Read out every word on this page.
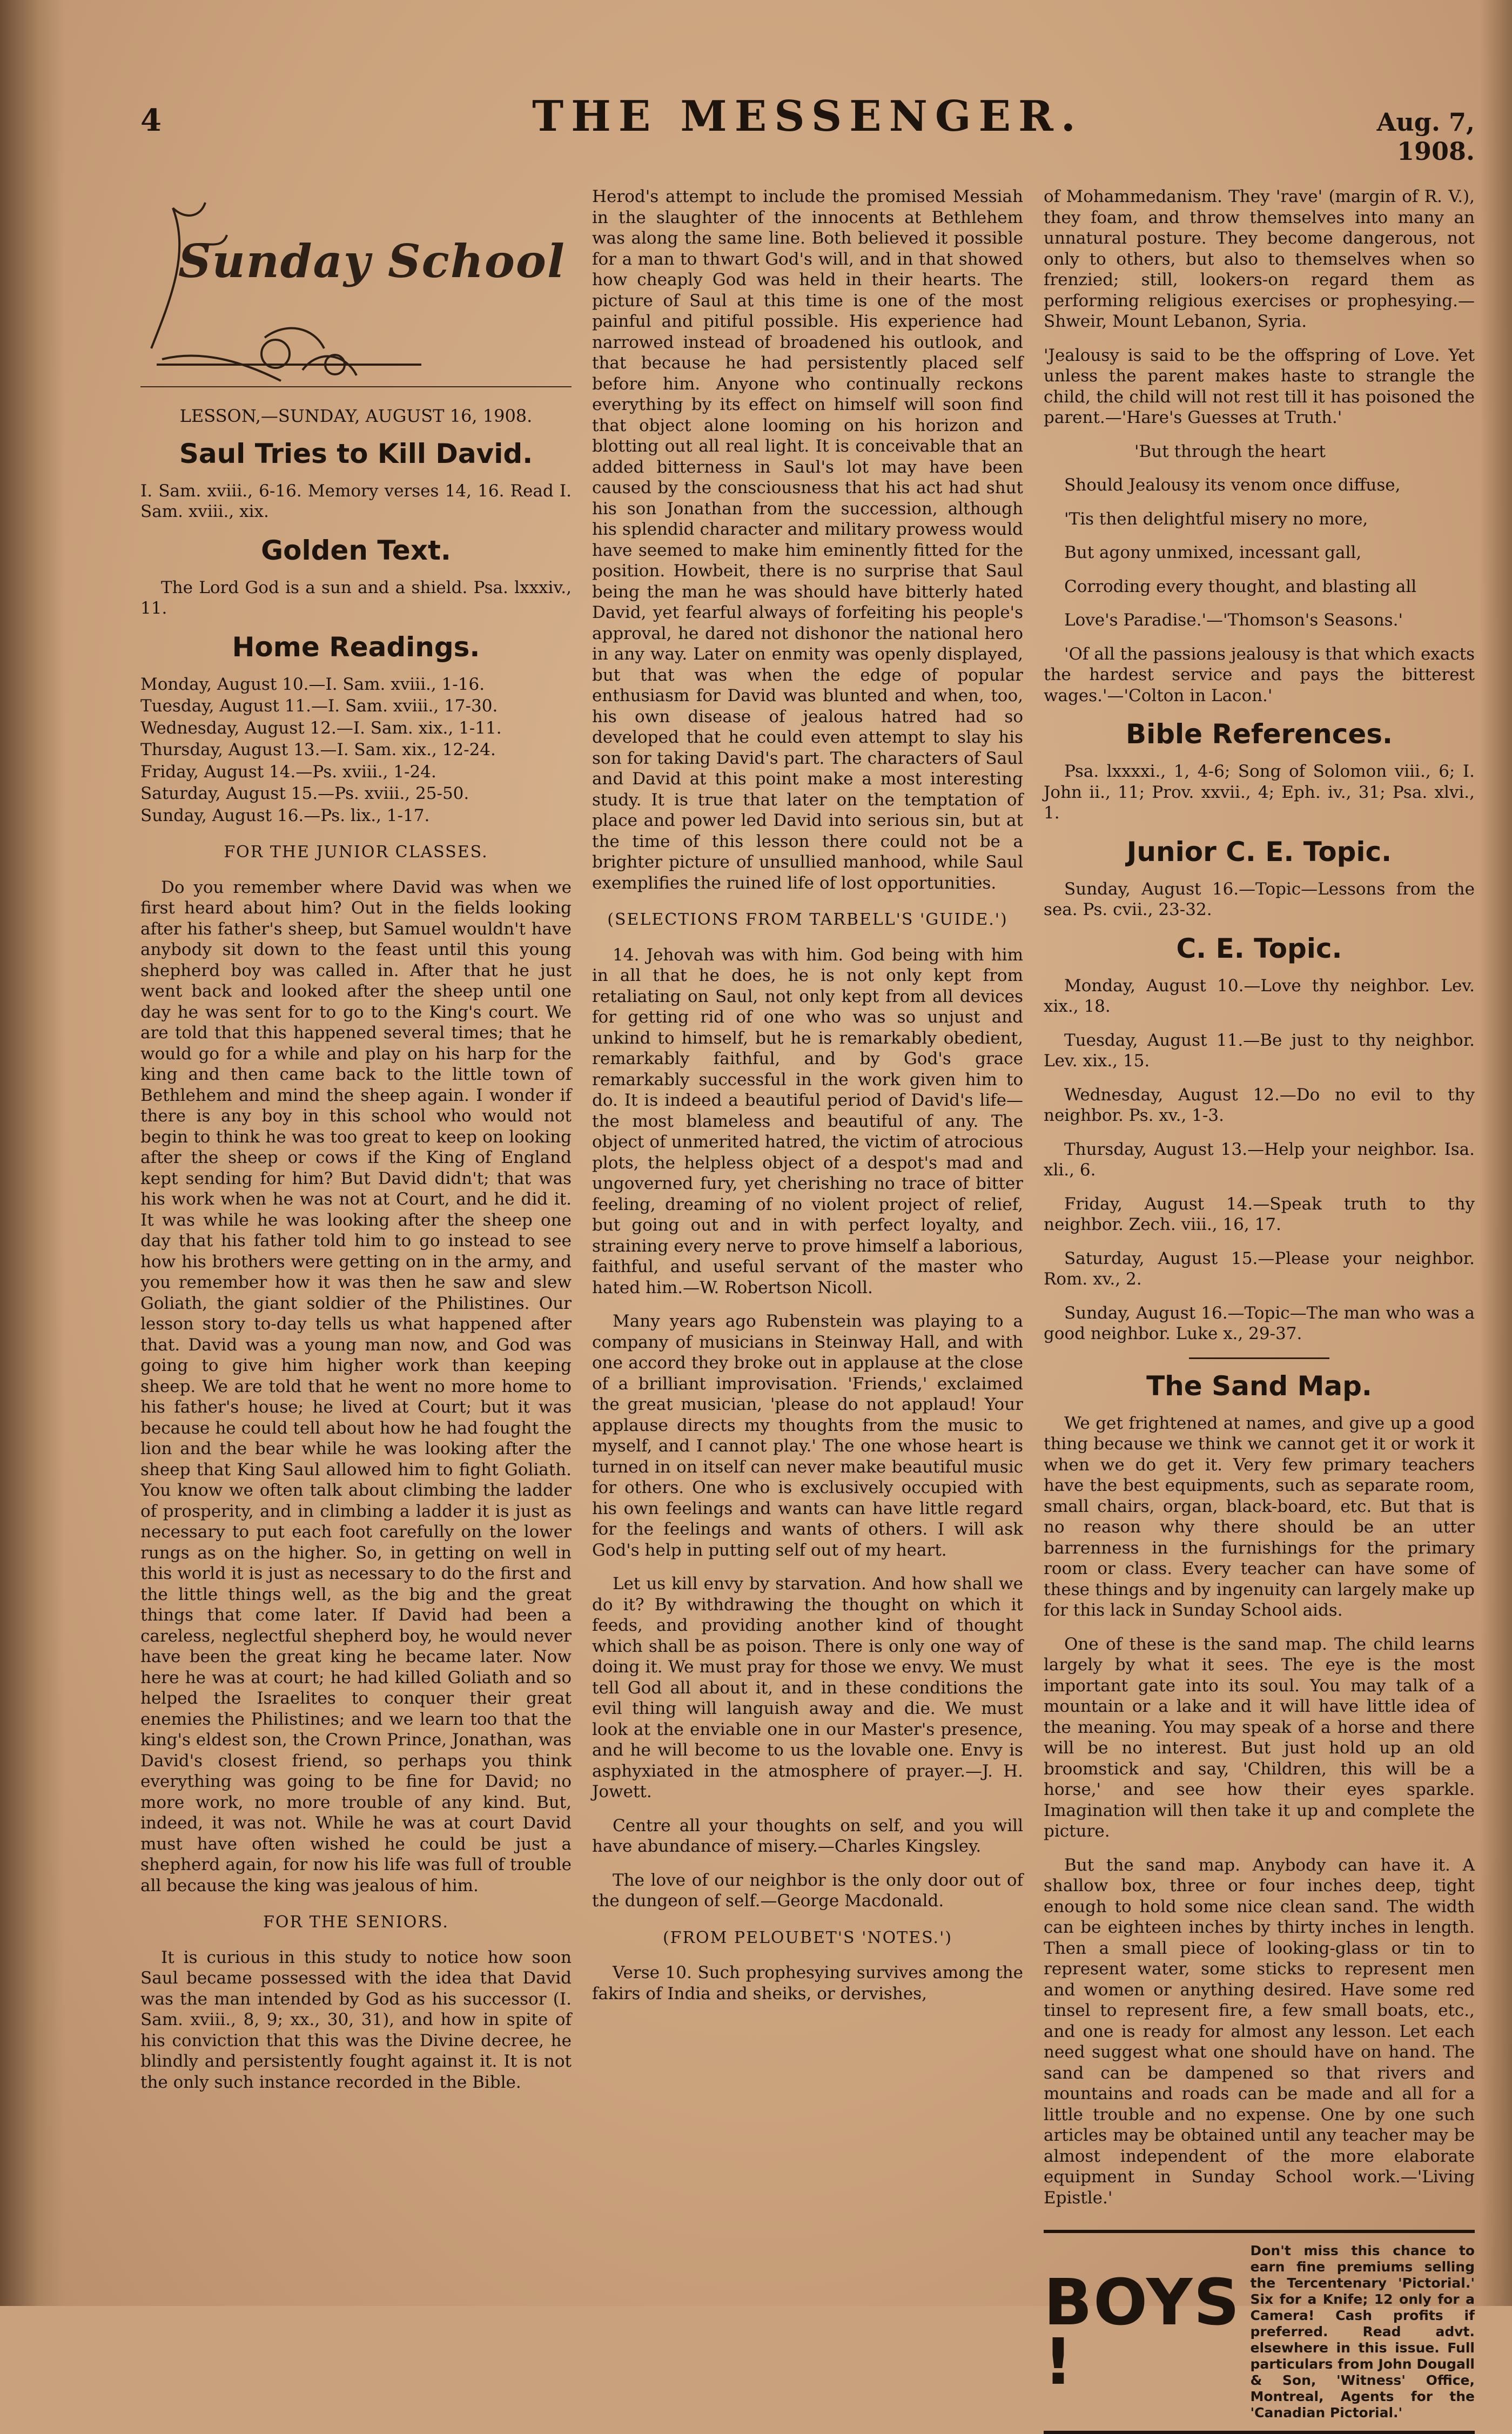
4	THE MESSENGER.	Aug. 7, 1908.
Sunday School
LESSON,—SUNDAY, AUGUST 16, 1908.
Saul Tries to Kill David.

I. Sam. xviii., 6-16. Memory verses 14, 16. Read I. Sam. xviii., xix.

Golden Text.

The Lord God is a sun and a shield. Psa. lxxxiv., 11.

Home Readings.

Monday, August 10.—I. Sam. xviii., 1-16.

Tuesday, August 11.—I. Sam. xviii., 17-30.

Wednesday, August 12.—I. Sam. xix., 1-11.

Thursday, August 13.—I. Sam. xix., 12-24.

Friday, August 14.—Ps. xviii., 1-24.

Saturday, August 15.—Ps. xviii., 25-50.

Sunday, August 16.—Ps. lix., 1-17.

FOR THE JUNIOR CLASSES.

Do you remember where David was when we first heard about him? Out in the fields looking after his father's sheep, but Samuel wouldn't have anybody sit down to the feast until this young shepherd boy was called in. After that he just went back and looked after the sheep until one day he was sent for to go to the King's court. We are told that this happened several times; that he would go for a while and play on his harp for the king and then came back to the little town of Bethlehem and mind the sheep again. I wonder if there is any boy in this school who would not begin to think he was too great to keep on looking after the sheep or cows if the King of England kept sending for him? But David didn't; that was his work when he was not at Court, and he did it. It was while he was looking after the sheep one day that his father told him to go instead to see how his brothers were getting on in the army, and you remember how it was then he saw and slew Goliath, the giant soldier of the Philistines. Our lesson story to-day tells us what happened after that. David was a young man now, and God was going to give him higher work than keeping sheep. We are told that he went no more home to his father's house; he lived at Court; but it was because he could tell about how he had fought the lion and the bear while he was looking after the sheep that King Saul allowed him to fight Goliath. You know we often talk about climbing the ladder of prosperity, and in climbing a ladder it is just as necessary to put each foot carefully on the lower rungs as on the higher. So, in getting on well in this world it is just as necessary to do the first and the little things well, as the big and the great things that come later. If David had been a careless, neglectful shepherd boy, he would never have been the great king he became later. Now here he was at court; he had killed Goliath and so helped the Israelites to conquer their great enemies the Philistines; and we learn too that the king's eldest son, the Crown Prince, Jonathan, was David's closest friend, so perhaps you think everything was going to be fine for David; no more work, no more trouble of any kind. But, indeed, it was not. While he was at court David must have often wished he could be just a shepherd again, for now his life was full of trouble all because the king was jealous of him.

FOR THE SENIORS.

It is curious in this study to notice how soon Saul became possessed with the idea that David was the man intended by God as his successor (I. Sam. xviii., 8, 9; xx., 30, 31), and how in spite of his conviction that this was the Divine decree, he blindly and persistently fought against it. It is not the only such instance recorded in the Bible.

Herod's attempt to include the promised Messiah in the slaughter of the innocents at Bethlehem was along the same line. Both believed it possible for a man to thwart God's will, and in that showed how cheaply God was held in their hearts. The picture of Saul at this time is one of the most painful and pitiful possible. His experience had narrowed instead of broadened his outlook, and that because he had persistently placed self before him. Anyone who continually reckons everything by its effect on himself will soon find that object alone looming on his horizon and blotting out all real light. It is conceivable that an added bitterness in Saul's lot may have been caused by the consciousness that his act had shut his son Jonathan from the succession, although his splendid character and military prowess would have seemed to make him eminently fitted for the position. Howbeit, there is no surprise that Saul being the man he was should have bitterly hated David, yet fearful always of forfeiting his people's approval, he dared not dishonor the national hero in any way. Later on enmity was openly displayed, but that was when the edge of popular enthusiasm for David was blunted and when, too, his own disease of jealous hatred had so developed that he could even attempt to slay his son for taking David's part. The characters of Saul and David at this point make a most interesting study. It is true that later on the temptation of place and power led David into serious sin, but at the time of this lesson there could not be a brighter picture of unsullied manhood, while Saul exemplifies the ruined life of lost opportunities.

(SELECTIONS FROM TARBELL'S 'GUIDE.')

14. Jehovah was with him. God being with him in all that he does, he is not only kept from retaliating on Saul, not only kept from all devices for getting rid of one who was so unjust and unkind to himself, but he is remarkably obedient, remarkably faithful, and by God's grace remarkably successful in the work given him to do. It is indeed a beautiful period of David's life—the most blameless and beautiful of any. The object of unmerited hatred, the victim of atrocious plots, the helpless object of a despot's mad and ungoverned fury, yet cherishing no trace of bitter feeling, dreaming of no violent project of relief, but going out and in with perfect loyalty, and straining every nerve to prove himself a laborious, faithful, and useful servant of the master who hated him.—W. Robertson Nicoll.

Many years ago Rubenstein was playing to a company of musicians in Steinway Hall, and with one accord they broke out in applause at the close of a brilliant improvisation. 'Friends,' exclaimed the great musician, 'please do not applaud! Your applause directs my thoughts from the music to myself, and I cannot play.' The one whose heart is turned in on itself can never make beautiful music for others. One who is exclusively occupied with his own feelings and wants can have little regard for the feelings and wants of others. I will ask God's help in putting self out of my heart.

Let us kill envy by starvation. And how shall we do it? By withdrawing the thought on which it feeds, and providing another kind of thought which shall be as poison. There is only one way of doing it. We must pray for those we envy. We must tell God all about it, and in these conditions the evil thing will languish away and die. We must look at the enviable one in our Master's presence, and he will become to us the lovable one. Envy is asphyxiated in the atmosphere of prayer.—J. H. Jowett.

Centre all your thoughts on self, and you will have abundance of misery.—Charles Kingsley.

The love of our neighbor is the only door out of the dungeon of self.—George Macdonald.

(FROM PELOUBET'S 'NOTES.')

Verse 10. Such prophesying survives among the fakirs of India and sheiks, or dervishes,

of Mohammedanism. They 'rave' (margin of R. V.), they foam, and throw themselves into many an unnatural posture. They become dangerous, not only to others, but also to themselves when so frenzied; still, lookers-on regard them as performing religious exercises or prophesying.—Shweir, Mount Lebanon, Syria.

'Jealousy is said to be the offspring of Love. Yet unless the parent makes haste to strangle the child, the child will not rest till it has poisoned the parent.—'Hare's Guesses at Truth.'

'But through the heart

Should Jealousy its venom once diffuse,

'Tis then delightful misery no more,

But agony unmixed, incessant gall,

Corroding every thought, and blasting all

Love's Paradise.'—'Thomson's Seasons.'

'Of all the passions jealousy is that which exacts the hardest service and pays the bitterest wages.'—'Colton in Lacon.'

Bible References.

Psa. lxxxxi., 1, 4-6; Song of Solomon viii., 6; I. John ii., 11; Prov. xxvii., 4; Eph. iv., 31; Psa. xlvi., 1.

Junior C. E. Topic.

Sunday, August 16.—Topic—Lessons from the sea. Ps. cvii., 23-32.

C. E. Topic.

Monday, August 10.—Love thy neighbor. Lev. xix., 18.

Tuesday, August 11.—Be just to thy neighbor. Lev. xix., 15.

Wednesday, August 12.—Do no evil to thy neighbor. Ps. xv., 1-3.

Thursday, August 13.—Help your neighbor. Isa. xli., 6.

Friday, August 14.—Speak truth to thy neighbor. Zech. viii., 16, 17.

Saturday, August 15.—Please your neighbor. Rom. xv., 2.

Sunday, August 16.—Topic—The man who was a good neighbor. Luke x., 29-37.

The Sand Map.

We get frightened at names, and give up a good thing because we think we cannot get it or work it when we do get it. Very few primary teachers have the best equipments, such as separate room, small chairs, organ, black-board, etc. But that is no reason why there should be an utter barrenness in the furnishings for the primary room or class. Every teacher can have some of these things and by ingenuity can largely make up for this lack in Sunday School aids.

One of these is the sand map. The child learns largely by what it sees. The eye is the most important gate into its soul. You may talk of a mountain or a lake and it will have little idea of the meaning. You may speak of a horse and there will be no interest. But just hold up an old broomstick and say, 'Children, this will be a horse,' and see how their eyes sparkle. Imagination will then take it up and complete the picture.

But the sand map. Anybody can have it. A shallow box, three or four inches deep, tight enough to hold some nice clean sand. The width can be eighteen inches by thirty inches in length. Then a small piece of looking-glass or tin to represent water, some sticks to represent men and women or anything desired. Have some red tinsel to represent fire, a few small boats, etc., and one is ready for almost any lesson. Let each need suggest what one should have on hand. The sand can be dampened so that rivers and mountains and roads can be made and all for a little trouble and no expense. One by one such articles may be obtained until any teacher may be almost independent of the more elaborate equipment in Sunday School work.—'Living Epistle.'

BOYS !
Don't miss this chance to earn fine premiums selling the Tercentenary 'Pictorial.' Six for a Knife; 12 only for a Camera! Cash profits if preferred. Read advt. elsewhere in this issue. Full particulars from John Dougall & Son, 'Witness' Office, Montreal, Agents for the 'Canadian Pictorial.'
